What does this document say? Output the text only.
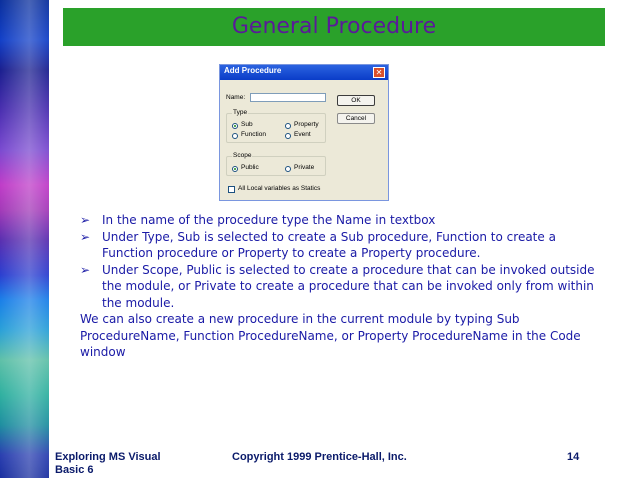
General Procedure
Add Procedure	✕
Name:	OK
Cancel
Type
Sub	Property
Function	Event
Scope
Public	Private
All Local variables as Statics
➢ In the name of the procedure type the Name in textbox
➢ Under Type, Sub is selected to create a Sub procedure, Function to create a Function procedure or Property to create a Property procedure.
➢ Under Scope, Public is selected to create a procedure that can be invoked outside the module, or Private to create a procedure that can be invoked only from within the module.
We can also create a new procedure in the current module by typing Sub ProcedureName, Function ProcedureName, or Property ProcedureName in the Code window
Exploring MS Visual Basic 6
Copyright 1999 Prentice-Hall, Inc.	14
